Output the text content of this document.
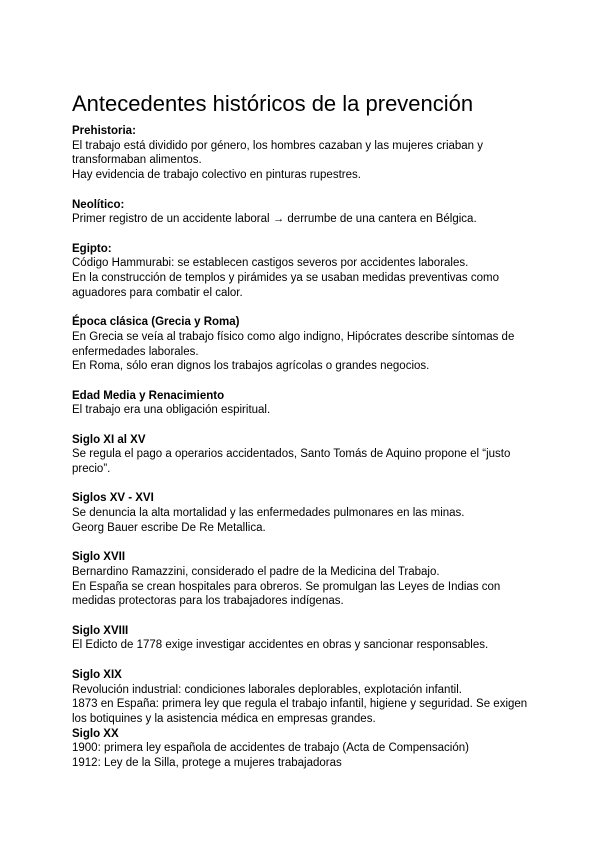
Antecedentes históricos de la prevención

Prehistoria:

El trabajo está dividido por género, los hombres cazaban y las mujeres criaban y transformaban alimentos.

Hay evidencia de trabajo colectivo en pinturas rupestres.

Neolítico:

Primer registro de un accidente laboral → derrumbe de una cantera en Bélgica.

Egipto:

Código Hammurabi: se establecen castigos severos por accidentes laborales.

En la construcción de templos y pirámides ya se usaban medidas preventivas como aguadores para combatir el calor.

Época clásica (Grecia y Roma)

En Grecia se veía al trabajo físico como algo indigno, Hipócrates describe síntomas de enfermedades laborales.

En Roma, sólo eran dignos los trabajos agrícolas o grandes negocios.

Edad Media y Renacimiento

El trabajo era una obligación espiritual.

Siglo XI al XV

Se regula el pago a operarios accidentados, Santo Tomás de Aquino propone el “justo precio”.

Siglos XV - XVI

Se denuncia la alta mortalidad y las enfermedades pulmonares en las minas.

Georg Bauer escribe De Re Metallica.

Siglo XVII

Bernardino Ramazzini, considerado el padre de la Medicina del Trabajo.

En España se crean hospitales para obreros. Se promulgan las Leyes de Indias con medidas protectoras para los trabajadores indígenas.

Siglo XVIII

El Edicto de 1778 exige investigar accidentes en obras y sancionar responsables.

Siglo XIX

Revolución industrial: condiciones laborales deplorables, explotación infantil.

1873 en España: primera ley que regula el trabajo infantil, higiene y seguridad. Se exigen los botiquines y la asistencia médica en empresas grandes.

Siglo XX

1900: primera ley española de accidentes de trabajo (Acta de Compensación)

1912: Ley de la Silla, protege a mujeres trabajadoras
